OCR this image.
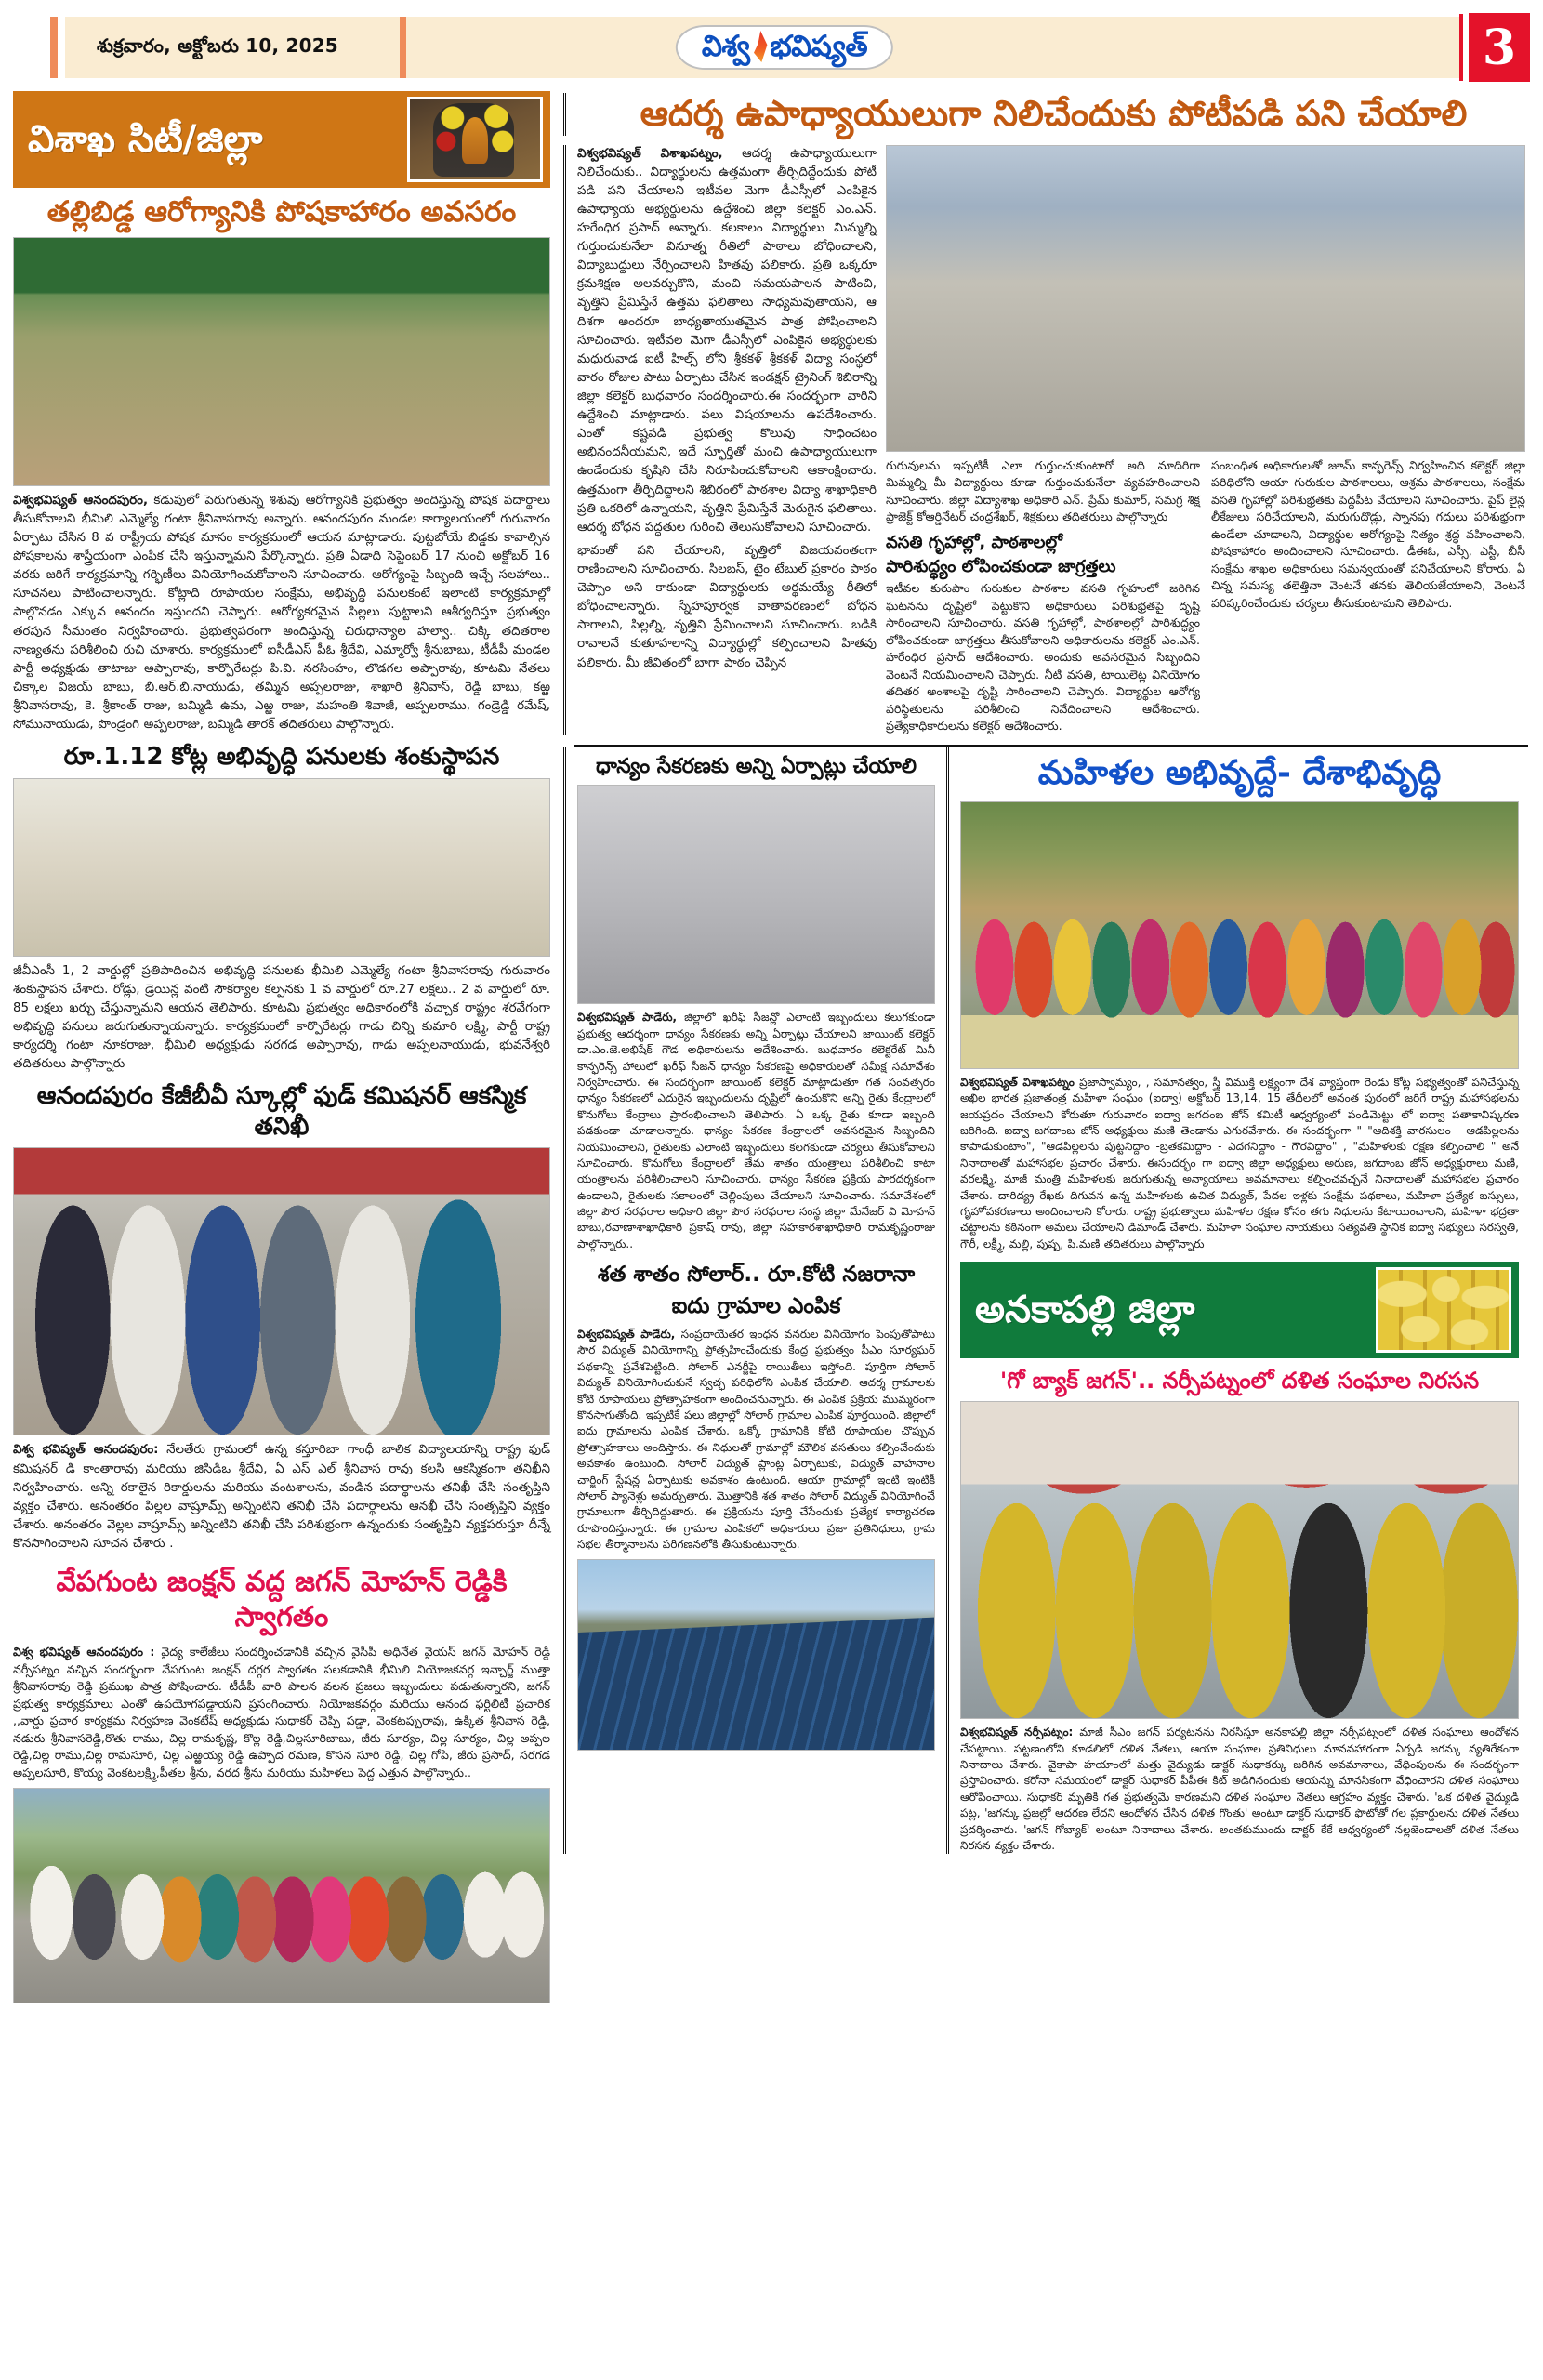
శుక్రవారం, అక్టోబరు 10, 2025	విశ్వ భవిష్యత్	3
విశాఖ సిటీ/జిల్లా
తల్లిబిడ్డ ఆరోగ్యానికి పోషకాహారం అవసరం

విశ్వభవిష్యత్ ఆనందపురం, కడుపులో పెరుగుతున్న శిశువు ఆరోగ్యానికి ప్రభుత్వం అందిస్తున్న పోషక పదార్థాలు తీసుకోవాలని భీమిలి ఎమ్మెల్యే గంటా శ్రీనివాసరావు అన్నారు. ఆనందపురం మండల కార్యాలయంలో గురువారం ఏర్పాటు చేసిన 8 వ రాష్ట్రీయ పోషక మాసం కార్యక్రమంలో ఆయన మాట్లాడారు. పుట్టబోయే బిడ్డకు కావాల్సిన పోషకాలను శాస్త్రీయంగా ఎంపిక చేసి ఇస్తున్నామని పేర్కొన్నారు. ప్రతి ఏడాది సెప్టెంబర్ 17 నుంచి అక్టోబర్ 16 వరకు జరిగే కార్యక్రమాన్ని గర్భిణీలు వినియోగించుకోవాలని సూచించారు. ఆరోగ్యంపై సిబ్బంది ఇచ్చే సలహాలు.. సూచనలు పాటించాలన్నారు. కోట్లాది రూపాయల సంక్షేమ, అభివృద్ధి పనులకంటే ఇలాంటి కార్యక్రమాల్లో పాల్గొనడం ఎక్కువ ఆనందం ఇస్తుందని చెప్పారు. ఆరోగ్యకరమైన పిల్లలు పుట్టాలని ఆశీర్వదిస్తూ ప్రభుత్వం తరపున సీమంతం నిర్వహించారు. ప్రభుత్వపరంగా అందిస్తున్న చిరుధాన్యాల హల్వా.. చిక్కి తదితరాల నాణ్యతను పరిశీలించి రుచి చూశారు. కార్యక్రమంలో ఐసీడీఎస్ పీఓ శ్రీదేవి, ఎమ్మార్వో శ్రీనుబాబు, టీడీపీ మండల పార్టీ అధ్యక్షుడు తాటాజు అప్పారావు, కార్పొరేటర్లు పి.వి. నరసింహం, లొడగల అప్పారావు, కూటమి నేతలు చిక్కాల విజయ్ బాబు, బి.ఆర్.బి.నాయుడు, తమ్మిన అప్పలరాజు, శాఖారి శ్రీనివాస్, రెడ్డి బాబు, కఱ్ఱ శ్రీనివాసరావు, కె. శ్రీకాంత్ రాజు, బమ్మిడి ఉమ, ఎఱ్ఱ రాజు, మహంతి శివాజీ, అప్పలరాము, గండ్రెడ్డి రమేష్, సోమునాయుడు, పొండ్రంగి అప్పలరాజు, బమ్మిడి తారక్ తదితరులు పాల్గొన్నారు.

రూ.1.12 కోట్ల అభివృద్ధి పనులకు శంకుస్థాపన

జీవీఎంసీ 1, 2 వార్డుల్లో ప్రతిపాదించిన అభివృద్ధి పనులకు భీమిలి ఎమ్మెల్యే గంటా శ్రీనివాసరావు గురువారం శంకుస్థాపన చేశారు. రోడ్లు, డ్రెయిన్ల వంటి సౌకర్యాల కల్పనకు 1 వ వార్డులో రూ.27 లక్షలు.. 2 వ వార్డులో రూ. 85 లక్షలు ఖర్చు చేస్తున్నామని ఆయన తెలిపారు. కూటమి ప్రభుత్వం అధికారంలోకి వచ్చాక రాష్ట్రం శరవేగంగా అభివృద్ధి పనులు జరుగుతున్నాయన్నారు. కార్యక్రమంలో కార్పొరేటర్లు గాడు చిన్ని కుమారి లక్ష్మి, పార్టీ రాష్ట్ర కార్యదర్శి గంటా నూకరాజు, భీమిలి అధ్యక్షుడు సరగడ అప్పారావు, గాడు అప్పలనాయుడు, భువనేశ్వరి తదితరులు పాల్గొన్నారు

ఆనందపురం కేజీబీవీ స్కూల్లో ఫుడ్ కమిషనర్ ఆకస్మిక తనిఖీ

విశ్వ భవిష్యత్ ఆనందపురం: నేలతేరు గ్రామంలో ఉన్న కస్తూరిబా గాంధీ బాలిక విద్యాలయాన్ని రాష్ట్ర ఫుడ్ కమిషనర్ డి కాంతారావు మరియు జిసిడిఒ శ్రీదేవి, ఏ ఎస్ ఎల్ శ్రీనివాస రావు కలసి ఆకస్మికంగా తనిఖీని నిర్వహించారు. అన్ని రకాలైన రికార్డులను మరియు వంటశాలను, వండిన పదార్థాలను తనిఖీ చేసి సంతృప్తిని వ్యక్తం చేశారు. అనంతరం పిల్లల వాష్రూమ్స్ అన్నింటిని తనిఖీ చేసి పదార్థాలను ఆనఖీ చేసి సంతృప్తిని వ్యక్తం చేశారు. అనంతరం వెల్లల వాష్రూమ్స్ అన్నింటిని తనిఖీ చేసి పరిశుభ్రంగా ఉన్నందుకు సంతృప్తిని వ్యక్తపరుస్తూ దీన్నే కొనసాగించాలని సూచన చేశారు .

వేపగుంట జంక్షన్ వద్ద జగన్ మోహన్ రెడ్డికి స్వాగతం

విశ్వ భవిష్యత్ ఆనందపురం : వైద్య కాలేజీలు సందర్శించడానికి వచ్చిన వైసీపీ అధినేత వైయస్ జగన్ మోహన్ రెడ్డి నర్సీపట్నం వచ్చిన సందర్భంగా వేపగుంట జంక్షన్ దగ్గర స్వాగతం పలకడానికి భీమిలి నియోజకవర్గ ఇన్చార్జ్ ముత్తా శ్రీనివాసరావు రెడ్డి ప్రముఖ పాత్ర పోషించారు. టీడీపీ వారి పాలన వలన ప్రజలు ఇబ్బందులు పడుతున్నారని, జగన్ ప్రభుత్వ కార్యక్రమాలు ఎంతో ఉపయోగపడ్డాయని ప్రసంగించారు. నియోజకవర్గం మరియు ఆనంద ఫర్టిలిటీ ప్రచారిక ,,వార్డు ప్రచార కార్యక్రమ నిర్వహణ వెంకటేష్ అధ్యక్షుడు సుధాకర్ చెప్పి పడ్డా, వెంకటప్పురావు, ఉక్కిత శ్రీనివాస రెడ్డి, నడురు శ్రీనివాసరెడ్డి,రొతు రాము, చిల్ల రామకృష్ణ, కొల్ల రెడ్డి,చిల్లసూరిబాబు, జీరు సూర్యం, చిల్ల సూర్యం, చిల్ల అప్పల రెడ్డి,చిల్ల రాము,చిల్ల రామసూరి, చిల్ల ఎఱ్ఱయ్య రెడ్డి ఉప్పాద రమణ, కొసన సూరి రెడ్డి, చిల్ల గోపి, జీరు ప్రసాద్, సరగడ అప్పలసూరి, కొయ్య వెంకటలక్ష్మి,పీతల శ్రీను, వరద శ్రీను మరియు మహిళలు పెద్ద ఎత్తున పాల్గొన్నారు..

ఆదర్శ ఉపాధ్యాయులుగా నిలిచేందుకు పోటీపడి పని చేయాలి

విశ్వభవిష్యత్ విశాఖపట్నం, ఆదర్శ ఉపాధ్యాయులుగా నిలిచేందుకు.. విద్యార్థులను ఉత్తమంగా తీర్చిదిద్దేందుకు పోటీ పడి పని చేయాలని ఇటీవల మెగా డీఎస్సీలో ఎంపికైన ఉపాధ్యాయ అభ్యర్థులను ఉద్దేశించి జిల్లా కలెక్టర్ ఎం.ఎన్. హరేంధిర ప్రసాద్ అన్నారు. కలకాలం విద్యార్థులు మిమ్మల్ని గుర్తుంచుకునేలా వినూత్న రీతిలో పాఠాలు బోధించాలని, విద్యాబుద్దులు నేర్పించాలని హితవు పలికారు. ప్రతి ఒక్కరూ క్రమశిక్షణ అలవర్చుకొని, మంచి సమయపాలన పాటించి, వృత్తిని ప్రేమిస్తేనే ఉత్తమ ఫలితాలు సాధ్యమవుతాయని, ఆ దిశగా అందరూ బాధ్యతాయుతమైన పాత్ర పోషించాలని సూచించారు. ఇటీవల మెగా డీఎస్సీలో ఎంపికైన అభ్యర్థులకు మధురువాడ ఐటీ హిల్స్ లోని శ్రీకకళ్ శ్రీకకళ్ విద్యా సంస్థలో వారం రోజుల పాటు ఏర్పాటు చేసిన ఇండక్షన్ ట్రైనింగ్ శిబిరాన్ని జిల్లా కలెక్టర్ బుధవారం సందర్శించారు.ఈ సందర్భంగా వారిని ఉద్దేశించి మాట్లాడారు. పలు విషయాలను ఉపదేశించారు. ఎంతో కష్టపడి ప్రభుత్వ కొలువు సాధించటం అభినందనీయమని, ఇదే స్ఫూర్తితో మంచి ఉపాధ్యాయులుగా ఉండేందుకు కృషిని చేసి నిరూపించుకోవాలని ఆకాంక్షించారు. ఉత్తమంగా తీర్చిదిద్దాలని శిబిరంలో పాఠశాల విద్యా శాఖాధికారి ప్రతి ఒకరిలో ఉన్నాయని, వృత్తిని ప్రేమిస్తేనే మెరుగైన ఫలితాలు. ఆదర్శ బోధన పద్ధతుల గురించి తెలుసుకోవాలని సూచించారు.

భావంతో పని చేయాలని, వృత్తిలో విజయవంతంగా రాణించాలని సూచించారు. సిలబస్, టైం టేబుల్ ప్రకారం పాఠం చెప్పాం అని కాకుండా విద్యార్థులకు అర్థమయ్యే రీతిలో బోధించాలన్నారు. స్నేహపూర్వక వాతావరణంలో బోధన సాగాలని, పిల్లల్ని, వృత్తిని ప్రేమించాలని సూచించారు. బడికి రావాలనే కుతూహలాన్ని విద్యార్థుల్లో కల్పించాలని హితవు పలికారు. మీ జీవితంలో బాగా పాఠం చెప్పిన

గురువులను ఇప్పటికీ ఎలా గుర్తుంచుకుంటారో అది మాదిరిగా మిమ్మల్ని మీ విద్యార్థులు కూడా గుర్తుంచుకునేలా వ్యవహరించాలని సూచించారు. జిల్లా విద్యాశాఖ అధికారి ఎన్. ప్రేమ్ కుమార్, సమగ్ర శిక్ష ప్రాజెక్ట్ కోఆర్డినేటర్ చంద్రశేఖర్, శిక్షకులు తదితరులు పాల్గొన్నారు

వసతి గృహాల్లో, పాఠశాలల్లో
పారిశుద్ధ్యం లోపించకుండా జాగ్రత్తలు

ఇటీవల కురుపాం గురుకుల పాఠశాల వసతి గృహంలో జరిగిన ఘటనను దృష్టిలో పెట్టుకొని అధికారులు పరిశుభ్రతపై దృష్టి సారించాలని సూచించారు. వసతి గృహాల్లో, పాఠశాలల్లో పారిశుద్ధ్యం లోపించకుండా జాగ్రత్తలు తీసుకోవాలని అధికారులను కలెక్టర్ ఎం.ఎన్. హరేంధిర ప్రసాద్ ఆదేశించారు. అందుకు అవసరమైన సిబ్బందిని వెంటనే నియమించాలని చెప్పారు. నీటి వసతి, టాయిలెట్ల వినియోగం తదితర అంశాలపై దృష్టి సారించాలని చెప్పారు. విద్యార్థుల ఆరోగ్య పరిస్థితులను పరిశీలించి నివేదించాలని ఆదేశించారు. ప్రత్యేకాధికారులను కలెక్టర్ ఆదేశించారు.

సంబంధిత అధికారులతో జూమ్ కాన్ఫరెన్స్ నిర్వహించిన కలెక్టర్ జిల్లా పరిధిలోని ఆయా గురుకుల పాఠశాలలు, ఆశ్రమ పాఠశాలలు, సంక్షేమ వసతి గృహాల్లో పరిశుభ్రతకు పెద్దపీట వేయాలని సూచించారు. పైప్ లైన్ల లీకేజులు సరిచేయాలని, మరుగుదొడ్లు, స్నానపు గదులు పరిశుభ్రంగా ఉండేలా చూడాలని, విద్యార్థుల ఆరోగ్యంపై నిత్యం శ్రద్ధ వహించాలని, పోషకాహారం అందించాలని సూచించారు. డీఈఓ, ఎస్సీ, ఎస్టీ, బీసీ సంక్షేమ శాఖల అధికారులు సమన్వయంతో పనిచేయాలని కోరారు. ఏ చిన్న సమస్య తలెత్తినా వెంటనే తనకు తెలియజేయాలని, వెంటనే పరిష్కరించేందుకు చర్యలు తీసుకుంటామని తెలిపారు.

ధాన్యం సేకరణకు అన్ని ఏర్పాట్లు చేయాలి

విశ్వభవిష్యత్ పాడేరు, జిల్లాలో ఖరీఫ్ సీజన్లో ఎలాంటి ఇబ్బందులు కలుగకుండా ప్రభుత్వ ఆదర్శంగా ధాన్యం సేకరణకు అన్ని ఏర్పాట్లు చేయాలని జాయింట్ కలెక్టర్ డా.ఎం.జె.అభిషేక్ గౌడ అధికారులను ఆదేశించారు. బుధవారం కలెక్టరేట్ మినీ కాన్ఫరెన్స్ హాలులో ఖరీఫ్ సీజన్ ధాన్యం సేకరణపై అధికారులతో సమీక్ష సమావేశం నిర్వహించారు. ఈ సందర్భంగా జాయింట్ కలెక్టర్ మాట్లాడుతూ గత సంవత్సరం ధాన్యం సేకరణలో ఎదురైన ఇబ్బందులను దృష్టిలో ఉంచుకొని అన్ని రైతు కేంద్రాలలో కొనుగోలు కేంద్రాలు ప్రారంభించాలని తెలిపారు. ఏ ఒక్క రైతు కూడా ఇబ్బంది పడకుండా చూడాలన్నారు. ధాన్యం సేకరణ కేంద్రాలలో అవసరమైన సిబ్బందిని నియమించాలని, రైతులకు ఎలాంటి ఇబ్బందులు కలగకుండా చర్యలు తీసుకోవాలని సూచించారు. కొనుగోలు కేంద్రాలలో తేమ శాతం యంత్రాలు పరిశీలించి కాటా యంత్రాలను పరిశీలించాలని సూచించారు. ధాన్యం సేకరణ ప్రక్రియ పారదర్శకంగా ఉండాలని, రైతులకు సకాలంలో చెల్లింపులు చేయాలని సూచించారు. సమావేశంలో జిల్లా పౌర సరఫరాల అధికారి జిల్లా పౌర సరఫరాల సంస్థ జిల్లా మేనేజర్ వి మోహన్ బాబు,రవాణాశాఖాధికారి ప్రకాష్ రావు, జిల్లా సహకారశాఖాధికారి రామకృష్ణంరాజు పాల్గొన్నారు..

శత శాతం సోలార్.. రూ.కోటి నజరానా
ఐదు గ్రామాల ఎంపిక

విశ్వభవిష్యత్ పాడేరు, సంప్రదాయేతర ఇంధన వనరుల వినియోగం పెంపుతోపాటు సౌర విద్యుత్ వినియోగాన్ని ప్రోత్సహించేందుకు కేంద్ర ప్రభుత్వం పీఎం సూర్యఘర్ పథకాన్ని ప్రవేశపెట్టింది. సోలార్ ఎనర్జీపై రాయితీలు ఇస్తోంది. పూర్తిగా సోలార్ విద్యుత్ వినియోగించుకునే స్వచ్ఛ పరిధిలోని ఎంపిక చేయాలి. ఆదర్శ గ్రామాలకు కోటి రూపాయలు ప్రోత్సాహకంగా అందించనున్నారు. ఈ ఎంపిక ప్రక్రియ ముమ్మరంగా కొనసాగుతోంది. ఇప్పటికే పలు జిల్లాల్లో సోలార్ గ్రామాల ఎంపిక పూర్తయింది. జిల్లాలో ఐదు గ్రామాలను ఎంపిక చేశారు. ఒక్కో గ్రామానికి కోటి రూపాయల చొప్పున ప్రోత్సాహకాలు అందిస్తారు. ఈ నిధులతో గ్రామాల్లో మౌలిక వసతులు కల్పించేందుకు అవకాశం ఉంటుంది. సోలార్ విద్యుత్ ప్లాంట్ల ఏర్పాటుకు, విద్యుత్ వాహనాల చార్జింగ్ స్టేషన్ల ఏర్పాటుకు అవకాశం ఉంటుంది. ఆయా గ్రామాల్లో ఇంటి ఇంటికీ సోలార్ ప్యానెళ్లు అమర్చుతారు. మొత్తానికి శత శాతం సోలార్ విద్యుత్ వినియోగించే గ్రామాలుగా తీర్చిదిద్దుతారు. ఈ ప్రక్రియను పూర్తి చేసేందుకు ప్రత్యేక కార్యాచరణ రూపొందిస్తున్నారు. ఈ గ్రామాల ఎంపికలో అధికారులు ప్రజా ప్రతినిధులు, గ్రామ సభల తీర్మానాలను పరిగణనలోకి తీసుకుంటున్నారు.

మహిళల అభివృద్దే- దేశాభివృద్ధి

విశ్వభవిష్యత్ విశాఖపట్నం ప్రజాస్వామ్యం, , సమానత్వం, స్త్రీ విముక్తి లక్ష్యంగా దేశ వ్యాప్తంగా రెండు కోట్ల సభ్యత్వంతో పనిచేస్తున్న అఖిల భారత ప్రజాతంత్ర మహిళా సంఘం (ఐద్వా) అక్టోబర్ 13,14, 15 తేదీలలో అనంత పురంలో జరిగే రాష్ట్ర మహాసభలను జయప్రదం చేయాలని కోరుతూ గురువారం ఐద్వా జగదంబ జోన్ కమిటీ ఆధ్వర్యంలో పండిమెట్టు లో ఐద్వా పతాకావిష్కరణ జరిగింది. ఐద్వా జగదాంబ జోన్ అధ్యక్షులు మణి తెండాను ఎగురవేశారు. ఈ సందర్భంగా " "ఆదిశక్తి వారసులం - ఆడపిల్లలను కాపాడుకుంటాం", "ఆడపిల్లలను పుట్టనిద్దాం -బ్రతకమిద్దాం - ఎదగనిద్దాం - గౌరవిద్దాం" , "మహిళలకు రక్షణ కల్పించాలి " అనే నినాదాలతో మహాసభల ప్రచారం చేశారు. ఈసందర్భం గా ఐద్వా జిల్లా అధ్యక్షులు అరుణ, జగదాంబ జోన్ అధ్యక్షురాలు మణి, వరలక్ష్మి, మాజీ మంత్రి మహిళలకు జరుగుతున్న అన్యాయాలు అవమానాలు కల్పించవచ్చనే నినాదాలతో మహాసభల ప్రచారం చేశారు. దారిద్య్ర రేఖకు దిగువన ఉన్న మహిళలకు ఉచిత విద్యుత్, పేదల ఇళ్లకు సంక్షేమ పథకాలు, మహిళా ప్రత్యేక బస్సులు, గృహోపకరణాలు అందించాలని కోరారు. రాష్ట్ర ప్రభుత్వాలు మహిళల రక్షణ కోసం తగు నిధులను కేటాయించాలని, మహిళా భద్రతా చట్టాలను కఠినంగా అమలు చేయాలని డిమాండ్ చేశారు. మహిళా సంఘాల నాయకులు సత్యవతి స్థానిక ఐద్వా సభ్యులు సరస్వతి, గౌరీ, లక్ష్మీ, మల్లి, పుష్ప, పి.మణి తదితరులు పాల్గొన్నారు

అనకాపల్లి జిల్లా
'గో బ్యాక్ జగన్'.. నర్సీపట్నంలో దళిత సంఘాల నిరసన

విశ్వభవిష్యత్ నర్సీపట్నం: మాజీ సీఎం జగన్ పర్యటనను నిరసిస్తూ అనకాపల్లి జిల్లా నర్సీపట్నంలో దళిత సంఘాలు ఆందోళన చేపట్టాయి. పట్టణంలోని కూడలిలో దళిత నేతలు, ఆయా సంఘాల ప్రతినిధులు మానవహారంగా ఏర్పడి జగన్కు వ్యతిరేకంగా నినాదాలు చేశారు. వైకాపా హయాంలో మత్తు వైద్యుడు డాక్టర్ సుధాకర్కు జరిగిన అవమానాలు, వేధింపులను ఈ సందర్భంగా ప్రస్తావించారు. కరోనా సమయంలో డాక్టర్ సుధాకర్ పీపీఈ కిట్ అడిగినందుకు ఆయన్ను మానసికంగా వేధించారని దళిత సంఘాలు ఆరోపించాయి. సుధాకర్ మృతికి గత ప్రభుత్వమే కారణమని దళిత సంఘాల నేతలు ఆగ్రహం వ్యక్తం చేశారు. 'ఒక దళిత వైద్యుడి పట్ల, 'జగన్కు ప్రజల్లో ఆదరణ లేదని ఆందోళన చేసిన దళిత గొంతు' అంటూ డాక్టర్ సుధాకర్ ఫొటోతో గల ప్లకార్డులను దళిత నేతలు ప్రదర్శించారు. 'జగన్ గోబ్యాక్' అంటూ నినాదాలు చేశారు. అంతకుముందు డాక్టర్ కేకే ఆధ్వర్యంలో నల్లజెండాలతో దళిత నేతలు నిరసన వ్యక్తం చేశారు.
